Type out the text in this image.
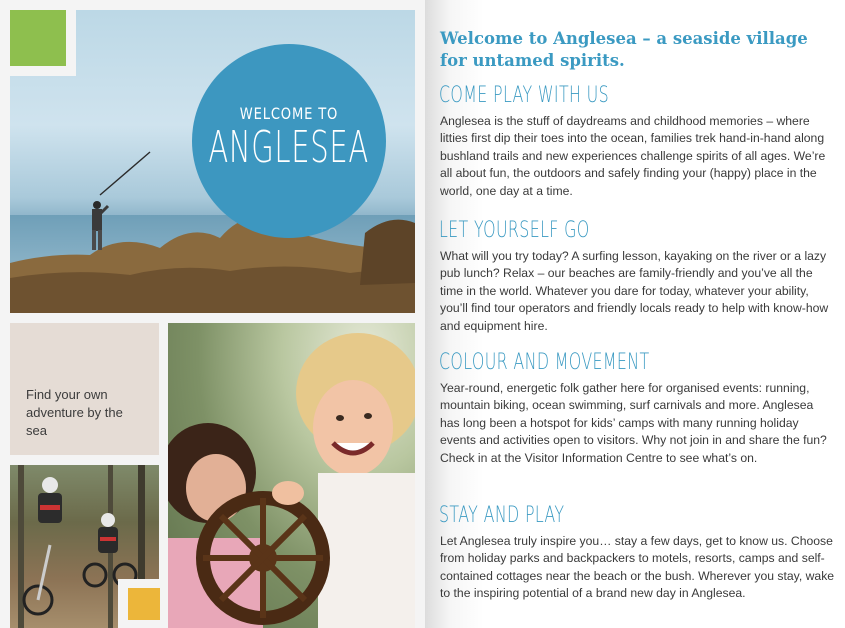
WELCOME TO
ANGLESEA
Find your own adventure by the sea
Welcome to Anglesea – a seaside village for untamed spirits.
COME PLAY WITH US
Anglesea is the stuff of daydreams and childhood memories – where litties first dip their toes into the ocean, families trek hand-in-hand along bushland trails and new experiences challenge spirits of all ages. We’re all about fun, the outdoors and safely finding your (happy) place in the world, one day at a time.
LET YOURSELF GO
What will you try today? A surfing lesson, kayaking on the river or a lazy pub lunch? Relax – our beaches are family-friendly and you’ve all the time in the world. Whatever you dare for today, whatever your ability, you’ll find tour operators and friendly locals ready to help with know-how and equipment hire.
COLOUR AND MOVEMENT
Year-round, energetic folk gather here for organised events: running, mountain biking, ocean swimming, surf carnivals and more. Anglesea has long been a hotspot for kids’ camps with many running holiday events and activities open to visitors. Why not join in and share the fun? Check in at the Visitor Information Centre to see what’s on.
STAY AND PLAY
Let Anglesea truly inspire you… stay a few days, get to know us. Choose from holiday parks and backpackers to motels, resorts, camps and self-contained cottages near the beach or the bush. Wherever you stay, wake to the inspiring potential of a brand new day in Anglesea.
